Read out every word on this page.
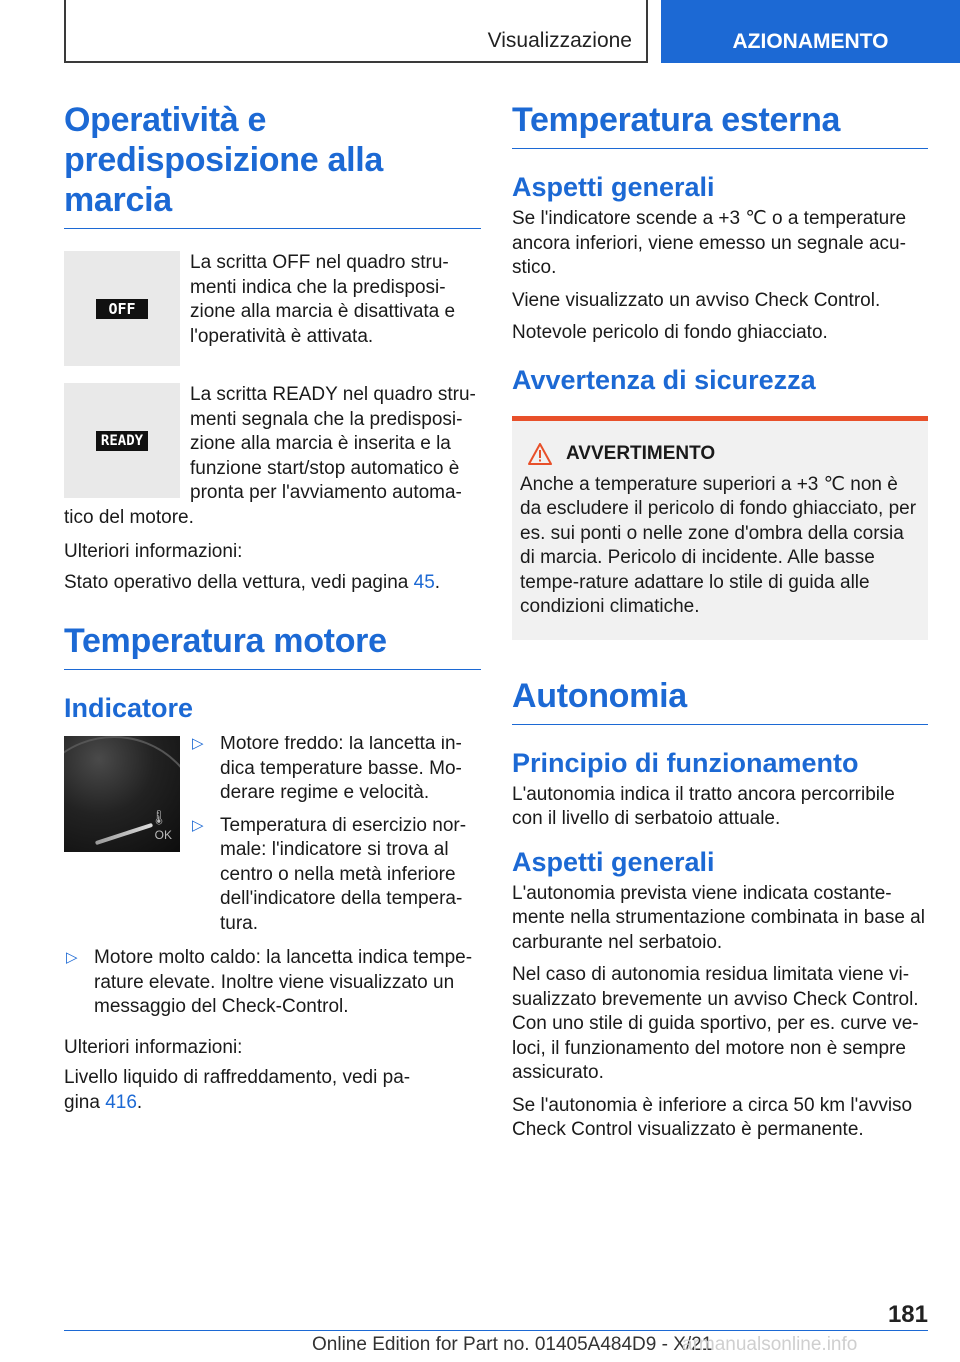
Visualizzazione	AZIONAMENTO
Operatività e predisposizione alla marcia
OFF

La scritta OFF nel quadro stru-menti indica che la predisposi-zione alla marcia è disattivata e l'operatività è attivata.

READY

La scritta READY nel quadro stru-menti segnala che la predisposi-zione alla marcia è inserita e la funzione start/stop automatico è pronta per l'avviamento automa-tico del motore.

Ulteriori informazioni:

Stato operativo della vettura, vedi pagina 45.

Temperatura motore
Indicatore
🌡
OK
▷ Motore freddo: la lancetta in-dica temperature basse. Mo-derare regime e velocità.
▷ Temperatura di esercizio nor-male: l'indicatore si trova al centro o nella metà inferiore dell'indicatore della tempera-tura.
▷ Motore molto caldo: la lancetta indica tempe-rature elevate. Inoltre viene visualizzato un messaggio del Check-Control.

Ulteriori informazioni:

Livello liquido di raffreddamento, vedi pa-gina 416.

Temperatura esterna
Aspetti generali

Se l'indicatore scende a +3 ℃ o a temperature ancora inferiori, viene emesso un segnale acu-stico.

Viene visualizzato un avviso Check Control.

Notevole pericolo di fondo ghiacciato.

Avvertenza di sicurezza
AVVERTIMENTO

Anche a temperature superiori a +3 ℃ non è da escludere il pericolo di fondo ghiacciato, per es. sui ponti o nelle zone d'ombra della corsia di marcia. Pericolo di incidente. Alle basse tempe-rature adattare lo stile di guida alle condizioni climatiche.

Autonomia
Principio di funzionamento

L'autonomia indica il tratto ancora percorribile con il livello di serbatoio attuale.

Aspetti generali

L'autonomia prevista viene indicata costante-mente nella strumentazione combinata in base al carburante nel serbatoio.

Nel caso di autonomia residua limitata viene vi-sualizzato brevemente un avviso Check Control. Con uno stile di guida sportivo, per es. curve ve-loci, il funzionamento del motore non è sempre assicurato.

Se l'autonomia è inferiore a circa 50 km l'avviso Check Control visualizzato è permanente.

181
Online Edition for Part no. 01405A484D9 - X/21
armanualsonline.info
